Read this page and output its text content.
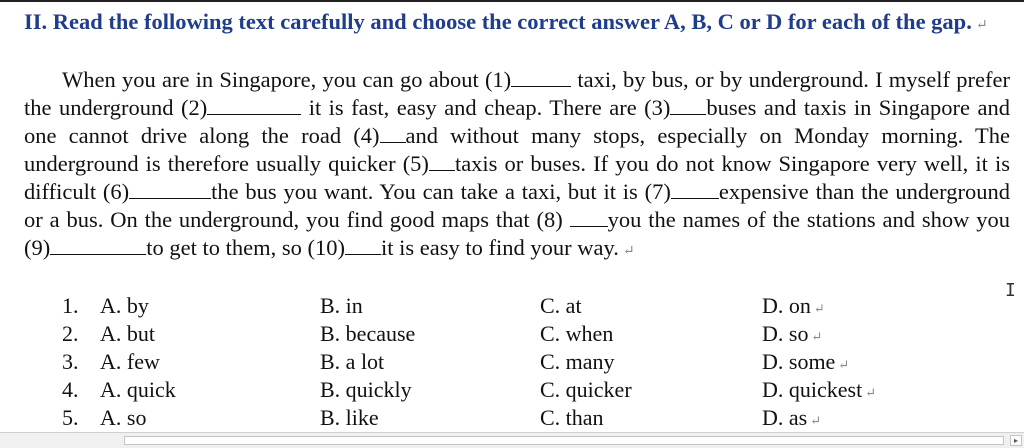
II. Read the following text carefully and choose the correct answer A, B, C or D for each of the gap. ↵
When you are in Singapore, you can go about (1)	taxi, by bus, or by underground. I myself prefer the underground (2)	it is fast, easy and cheap. There are (3) buses and taxis in Singapore and one cannot drive along the road (4) and without many stops, especially on Monday morning. The underground is therefore usually quicker (5) taxis or buses. If you do not know Singapore very well, it is difficult (6)	the bus you want. You can take a taxi, but it is (7) expensive than the underground or a bus. On the underground, you find good maps that (8) you the names of the stations and show you (9)	to get to them, so (10) it is easy to find your way. ↵
1. A. by	B. in	C. at	D. on ↵
2. A. but	B. because	C. when	D. so ↵
3. A. few	B. a lot	C. many	D. some ↵
4. A. quick	B. quickly	C. quicker	D. quickest ↵
5. A. so	B. like	C. than	D. as ↵
I
▸
